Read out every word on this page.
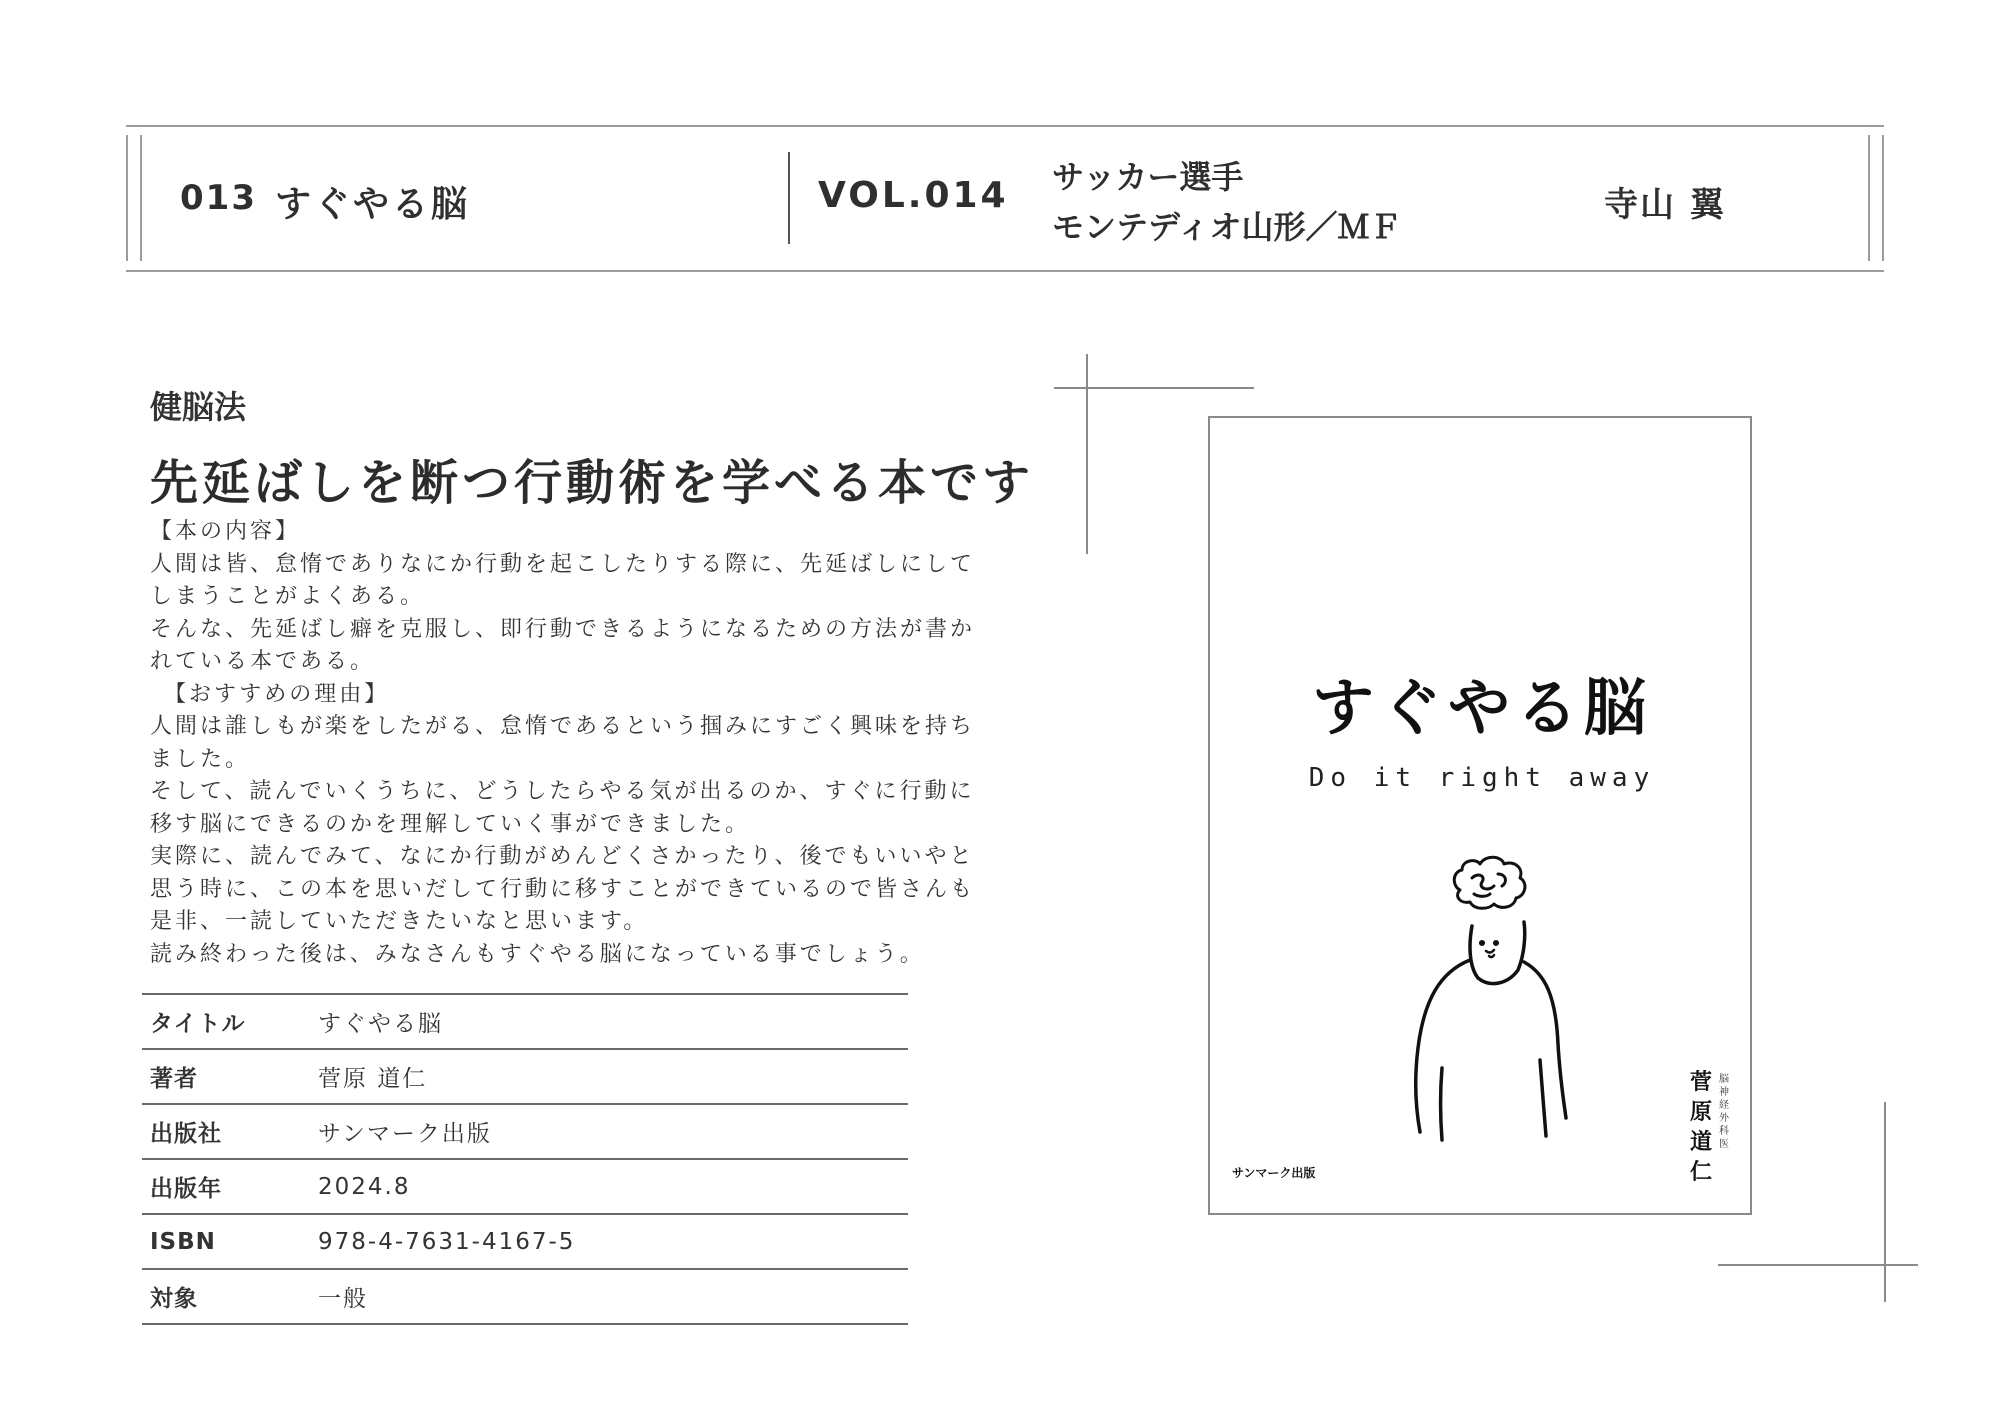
013 すぐやる脳	VOL.014 サッカー選手
モンテディオ山形／ＭＦ
寺山 翼
健脳法
先延ばしを断つ行動術を学べる本です

【本の内容】

人間は皆、怠惰でありなにか行動を起こしたりする際に、先延ばしにしてしまうことがよくある。

そんな、先延ばし癖を克服し、即行動できるようになるための方法が書かれている本である。

【おすすめの理由】

人間は誰しもが楽をしたがる、怠惰であるという掴みにすごく興味を持ちました。

そして、読んでいくうちに、どうしたらやる気が出るのか、すぐに行動に移す脳にできるのかを理解していく事ができました。

実際に、読んでみて、なにか行動がめんどくさかったり、後でもいいやと思う時に、この本を思いだして行動に移すことができているので皆さんも是非、一読していただきたいなと思います。

読み終わった後は、みなさんもすぐやる脳になっている事でしょう。

タイトル	すぐやる脳
著者	菅原 道仁
出版社	サンマーク出版
出版年	2024.8
ISBN	978-4-7631-4167-5
対象	一般
すぐやる脳
Do it right away
サンマーク出版
菅原道仁
脳神経外科医
